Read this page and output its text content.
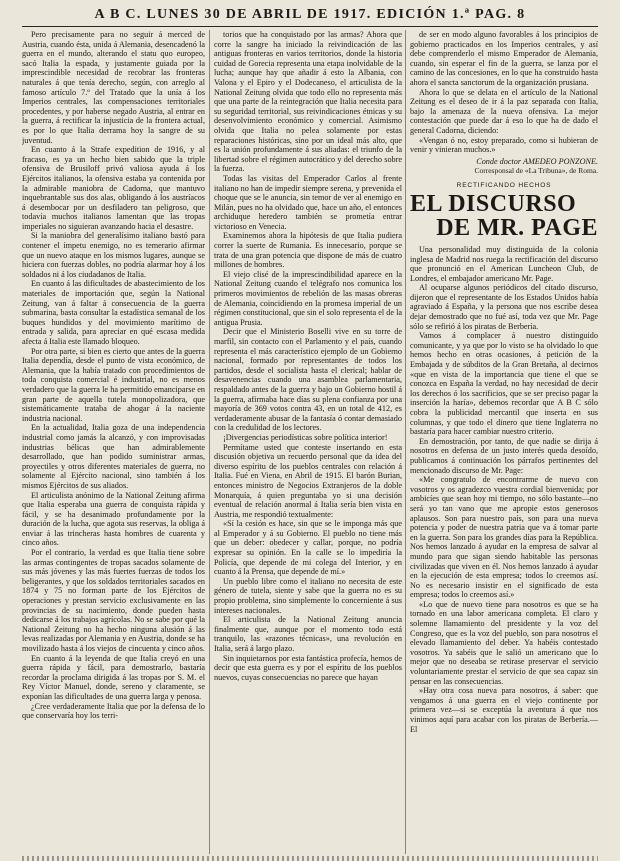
A B C. LUNES 30 DE ABRIL DE 1917. EDICIÓN 1.ª PAG. 8

Pero precisamente para no seguir á merced de Austria, cuando ésta, unida á Alemania, desencadenó la guerra en el mundo, alterando el statu quo europeo, sacó Italia la espada, y justamente guiada por la imprescindible necesidad de recobrar las fronteras naturales á que tenía derecho, según, con arreglo al famoso artículo 7.º del Tratado que la unía á los Imperios centrales, las compensaciones territoriales procedentes, y por haberse negado Austria, al entrar en la guerra, á rectificar la injusticia de la frontera actual, es por lo que Italia derrama hoy la sangre de su juventud.

En cuanto á la Strafe expedition de 1916, y al fracaso, es ya un hecho bien sabido que la triple ofensiva de Brusiloff privó valiosa ayuda á los Ejércitos italianos, la ofensiva estaba ya contenida por la admirable maniobra de Cadorna, que mantuvo inquebrantable sus dos alas, obligando á los austríacos á desembocar por un desfiladero tan peligroso, que todavía muchos italianos lamentan que las tropas imperiales no siguieran avanzando hacia el desastre.

Si la maniobra del generalísimo italiano bastó para contener el ímpetu enemigo, no es temerario afirmar que un nuevo ataque en los mismos lugares, aunque se hiciera con fuerzas dobles, no podría alarmar hoy á los soldados ni á los ciudadanos de Italia.

En cuanto á las dificultades de abastecimiento de los materiales de importación que, según la National Zeitung, van á faltar á consecuencia de la guerra submarina, basta consultar la estadística semanal de los buques hundidos y del movimiento marítimo de entrada y salida, para apreciar en qué escasa medida afecta á Italia este llamado bloqueo.

Por otra parte, si bien es cierto que antes de la guerra Italia dependía, desde el punto de vista económico, de Alemania, que la había tratado con procedimientos de toda conquista comercial é industrial, no es menos verdadero que la guerra le ha permitido emanciparse en gran parte de aquella tutela monopolizadora, que sistemáticamente trataba de ahogar á la naciente industria nacional.

En la actualidad, Italia goza de una independencia industrial como jamás la alcanzó, y con improvisadas industrias bélicas que han admirablemente desarrollado, que han podido suministrar armas, proyectiles y otros diferentes materiales de guerra, no solamente al Ejército nacional, sino también á los mismos Ejércitos de sus aliados.

El articulista anónimo de la National Zeitung afirma que Italia esperaba una guerra de conquista rápida y fácil, y se ha desanimado profundamente por la duración de la lucha, que agota sus reservas, la obliga á enviar á las trincheras hasta hombres de cuarenta y cinco años.

Por el contrario, la verdad es que Italia tiene sobre las armas contingentes de tropas sacados solamente de sus más jóvenes y las más fuertes fuerzas de todos los beligerantes, y que los soldados territoriales sacados en 1874 y 75 no forman parte de los Ejércitos de operaciones y prestan servicio exclusivamente en las provincias de su nacimiento, donde pueden hasta dedicarse á los trabajos agrícolas. No se sabe por qué la National Zeitung no ha hecho ninguna alusión á las levas realizadas por Alemania y en Austria, donde se ha movilizado hasta á los viejos de cincuenta y cinco años.

En cuanto á la leyenda de que Italia creyó en una guerra rápida y fácil, para demostrarlo, bastaría recordar la proclama dirigida á las tropas por S. M. el Rey Víctor Manuel, donde, sereno y claramente, se exponían las dificultades de una guerra larga y penosa.

¿Cree verdaderamente Italia que por la defensa de lo que conservaría hoy los terri-

torios que ha conquistado por las armas? Ahora que corre la sangre ha iniciado la reivindicación de las antiguas fronteras en varios territorios, donde la historia cuidad de Gorecia representa una etapa inolvidable de la lucha; aunque hay que añadir á esto la Albania, con Valona y el Epiro y el Dodecaneso, el articulista de la National Zeitung olvida que todo ello no representa más que una parte de la reintegración que Italia necesita para su seguridad territorial, sus reivindicaciones étnicas y su desenvolvimiento económico y comercial. Asimismo olvida que Italia no pelea solamente por estas reparaciones históricas, sino por un ideal más alto, que es la unión profundamente á sus aliadas: el triunfo de la libertad sobre el régimen autocrático y del derecho sobre la fuerza.

Todas las visitas del Emperador Carlos al frente italiano no han de impedir siempre serena, y prevenida el choque que se le anuncia, sin temor de ver al enemigo en Milán, pues no ha olvidado que, hace un año, el entonces archiduque heredero también se prometía entrar victorioso en Venecia.

Examinemos ahora la hipótesis de que Italia pudiera correr la suerte de Rumania. Es innecesario, porque se trata de una gran potencia que dispone de más de cuatro millones de hombres.

El viejo clisé de la imprescindibilidad aparece en la National Zeitung cuando el telégrafo nos comunica los primeros movimientos de rebelión de las masas obreras de Alemania, coincidiendo en la promesa imperial de un régimen constitucional, que sin el solo representa el de la antigua Prusia.

Decir que el Ministerio Boselli vive en su torre de marfil, sin contacto con el Parlamento y el país, cuando representa el más característico ejemplo de un Gobierno nacional, formado por representantes de todos los partidos, desde el socialista hasta el clerical; hablar de desavenencias cuando una asamblea parlamentaria, respaldado antes de la guerra y bajo un Gobierno hostil á la guerra, afirmaba hace días su plena confianza por una mayoría de 369 votos contra 43, en un total de 412, es verdaderamente abusar de la fantasía ó contar demasiado con la credulidad de los lectores.

¡Divergencias periodísticas sobre política interior!

Permítame usted que conteste insertando en esta discusión objetiva un recuerdo personal que da idea del diverso espíritu de los pueblos centrales con relación á Italia. Fué en Viena, en Abril de 1915. El barón Burian, entonces ministro de Negocios Extranjeros de la doble Monarquía, á quien preguntaba yo si una decisión eventual de relación anormal á Italia sería bien vista en Austria, me respondió textualmente:

«Sí la cesión es hace, sin que se le imponga más que al Emperador y á su Gobierno. El pueblo no tiene más que un deber: obedecer y callar, porque, no podría expresar su opinión. En la calle se lo impediría la Policía, que depende de mi colega del Interior, y en cuanto á la Prensa, que depende de mí.»

Un pueblo libre como el italiano no necesita de este género de tutela, siente y sabe que la guerra no es su propio problema, sino simplemente lo concerniente á sus intereses nacionales.

El articulista de la National Zeitung anuncia finalmente que, aunque por el momento todo está tranquilo, las «razones técnicas», una revolución en Italia, será á largo plazo.

Sin inquietarnos por esta fantástica profecía, hemos de decir que esta guerra es y por el espíritu de los pueblos nuevos, cuyas consecuencias no parece que hayan

de ser en modo alguno favorables á los principios de gobierno practicados en los Imperios centrales, y así debe comprenderlo el mismo Emperador de Alemania, cuando, sin esperar el fin de la guerra, se lanza por el camino de las concesiones, en lo que ha construido hasta ahora el sancta sanctorum de la organización prusiana.

Ahora lo que se delata en el artículo de la National Zeitung es el deseo de ir á la paz separada con Italia, bajo la amenaza de la nueva ofensiva. La mejor contestación que puede dar á eso lo que ha de dado el general Cadorna, diciendo:

«Vengan ó no, estoy preparado, como si hubieran de venir y vinieran muchos.»

Conde doctor AMEDEO PONZONE.

Corresponsal de «La Tribuna», de Roma.

RECTIFICANDO HECHOS
EL DISCURSO
DE MR. PAGE

Una personalidad muy distinguida de la colonia inglesa de Madrid nos ruega la rectificación del discurso que pronunció en el American Luncheon Club, de Londres, el embajador americano Mr. Page.

Al ocuparse algunos periódicos del citado discurso, dijeron que el representante de los Estados Unidos había agraviado á España, y la persona que nos escribe desea dejar demostrado que no fué así, toda vez que Mr. Page sólo se refirió á los piratas de Berbería.

Vamos á complacer á nuestro distinguido comunicante, y ya que por lo visto se ha olvidado lo que hemos hecho en otras ocasiones, á petición de la Embajada y de súbditos de la Gran Bretaña, al decirnos «que en vista de la importancia que tiene el que se conozca en España la verdad, no hay necesidad de decir los derechos ó los sacrificios, que se ser preciso pagar la inserción la haría», debemos recordar que A B C sólo cobra la publicidad mercantil que inserta en sus columnas, y que todo el dinero que tiene Inglaterra no bastaría para hacer cambiar nuestro criterio.

En demostración, por tanto, de que nadie se dirija á nosotros en defensa de un justo interés queda desoído, publicamos á continuación los párrafos pertinentes del mencionado discurso de Mr. Page:

«Me congratulo de encontrarme de nuevo con vosotros y os agradezco vuestra cordial bienvenida; por ambicíes que sean hoy mi tiempo, no sólo bastante—no será yo tan vano que me apropie estos generosos aplausos. Son para nuestro país, son para una nueva potencia y poder de nuestra patria que va á tomar parte en la guerra. Son para los grandes días para la República. Nos hemos lanzado á ayudar en la empresa de salvar al mundo para que sigan siendo habitable las personas civilizadas que viven en él. Nos hemos lanzado á ayudar en la ejecución de esta empresa; todos lo creemos así. No es necesario insistir en el significado de esta empresa; todos lo creemos así.»

«Lo que de nuevo tiene para nosotros es que se ha tornado en una labor americana completa. El claro y solemne llamamiento del presidente y la voz del Congreso, que es la voz del pueblo, son para nosotros el elevado llamamiento del deber. Ya habéis contestado vosotros. Ya sabéis que le salió un americano que lo mejor que no deseaba se retirase preservar el servicio voluntariamente prestar el servicio de que sea capaz sin pensar en las consecuencias.

»Hay otra cosa nueva para nosotros, á saber: que vengamos á una guerra en el viejo continente por primera vez—si se exceptúa la aventura á que nos vinimos aquí para acabar con los piratas de Berbería.—El
